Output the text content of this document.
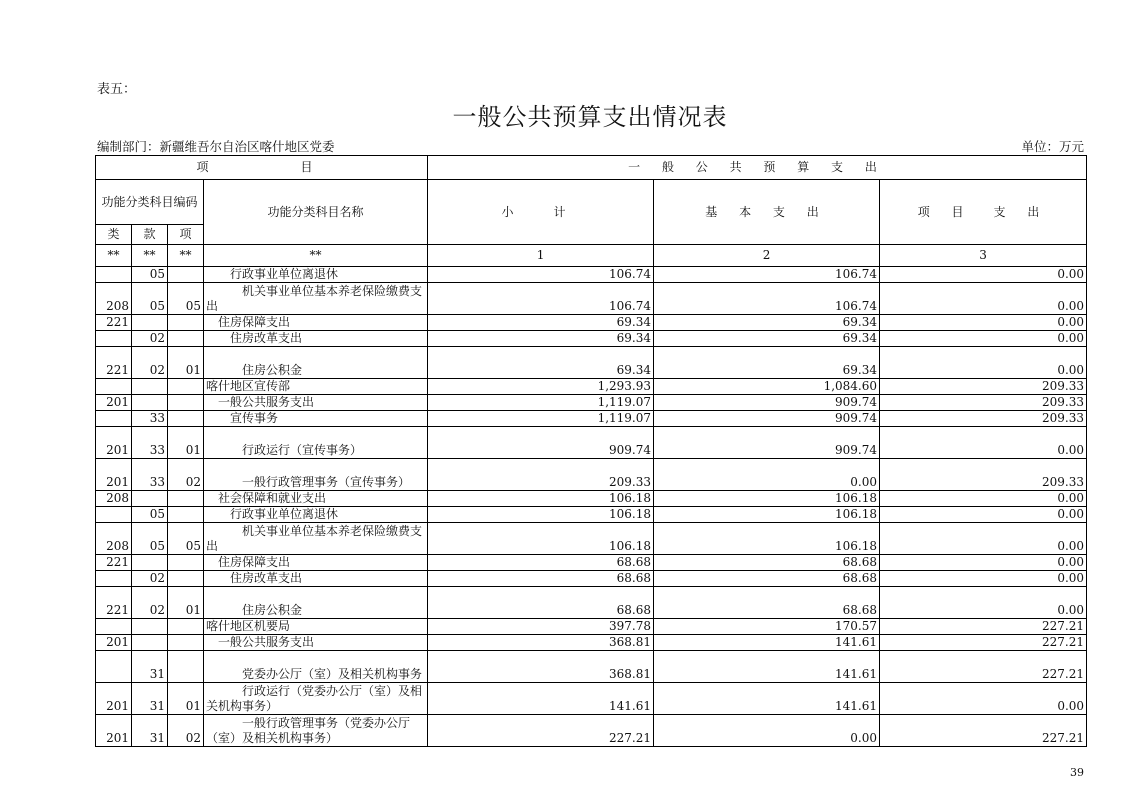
表五：
一般公共预算支出情况表
编制部门：新疆维吾尔自治区喀什地区党委	单位：万元
项　　　目				一 般 公 共 预 算 支 出		
功能分类科目编码			功能分类科目名称	小　计	基 本 支 出	项 目　支 出
类	款	项				
**	**	**	**	1	2	3
	05		　　行政事业单位离退休	106.74	106.74	0.00
208	05	05	　　　机关事业单位基本养老保险缴费支出	106.74	106.74	0.00
221			　住房保障支出	69.34	69.34	0.00
	02		　　住房改革支出	69.34	69.34	0.00
221	02	01	　　　住房公积金	69.34	69.34	0.00
			喀什地区宣传部	1,293.93	1,084.60	209.33
201			　一般公共服务支出	1,119.07	909.74	209.33
	33		　　宣传事务	1,119.07	909.74	209.33
201	33	01	　　　行政运行（宣传事务）	909.74	909.74	0.00
201	33	02	　　　一般行政管理事务（宣传事务）	209.33	0.00	209.33
208			　社会保障和就业支出	106.18	106.18	0.00
	05		　　行政事业单位离退休	106.18	106.18	0.00
208	05	05	　　　机关事业单位基本养老保险缴费支出	106.18	106.18	0.00
221			　住房保障支出	68.68	68.68	0.00
	02		　　住房改革支出	68.68	68.68	0.00
221	02	01	　　　住房公积金	68.68	68.68	0.00
			喀什地区机要局	397.78	170.57	227.21
201			　一般公共服务支出	368.81	141.61	227.21
	31		　　　党委办公厅（室）及相关机构事务	368.81	141.61	227.21
201	31	01	　　　行政运行（党委办公厅（室）及相关机构事务）	141.61	141.61	0.00
201	31	02	　　　一般行政管理事务（党委办公厅（室）及相关机构事务）	227.21	0.00	227.21
39
